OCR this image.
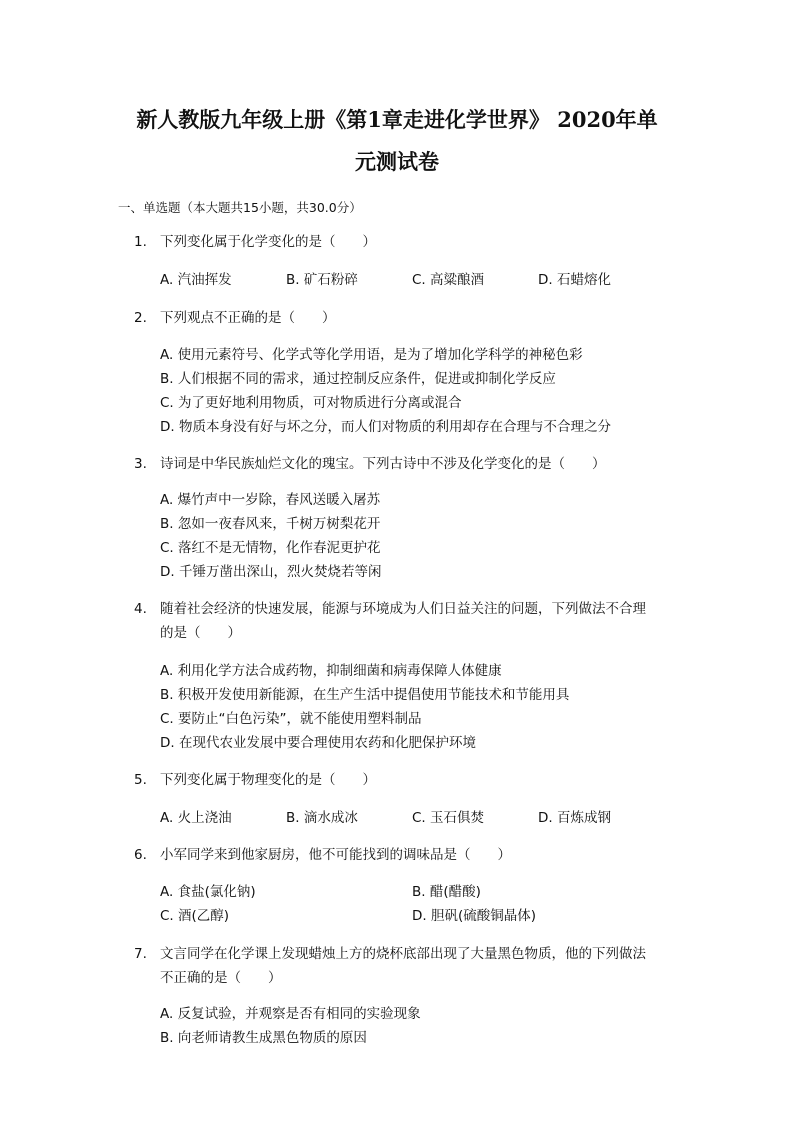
新人教版九年级上册《第1章走进化学世界》 2020年单
元测试卷
一、单选题（本大题共15小题，共30.0分）
1. 下列变化属于化学变化的是（　　）
A. 汽油挥发	B. 矿石粉碎	C. 高粱酿酒	D. 石蜡熔化
2. 下列观点不正确的是（　　）
A. 使用元素符号、化学式等化学用语，是为了增加化学科学的神秘色彩
B. 人们根据不同的需求，通过控制反应条件，促进或抑制化学反应
C. 为了更好地利用物质，可对物质进行分离或混合
D. 物质本身没有好与坏之分，而人们对物质的利用却存在合理与不合理之分
3. 诗词是中华民族灿烂文化的瑰宝。下列古诗中不涉及化学变化的是（　　）
A. 爆竹声中一岁除，春风送暖入屠苏
B. 忽如一夜春风来，千树万树梨花开
C. 落红不是无情物，化作春泥更护花
D. 千锤万凿出深山，烈火焚烧若等闲
4. 随着社会经济的快速发展，能源与环境成为人们日益关注的问题，下列做法不合理
的是（　　）
A. 利用化学方法合成药物，抑制细菌和病毒保障人体健康
B. 积极开发使用新能源，在生产生活中提倡使用节能技术和节能用具
C. 要防止“白色污染”，就不能使用塑料制品
D. 在现代农业发展中要合理使用农药和化肥保护环境
5. 下列变化属于物理变化的是（　　）
A. 火上浇油	B. 滴水成冰	C. 玉石俱焚	D. 百炼成钢
6. 小军同学来到他家厨房，他不可能找到的调味品是（　　）
A. 食盐(氯化钠)	B. 醋(醋酸)
C. 酒(乙醇)	D. 胆矾(硫酸铜晶体)
7. 文言同学在化学课上发现蜡烛上方的烧杯底部出现了大量黑色物质，他的下列做法
不正确的是（　　）
A. 反复试验，并观察是否有相同的实验现象
B. 向老师请教生成黑色物质的原因
